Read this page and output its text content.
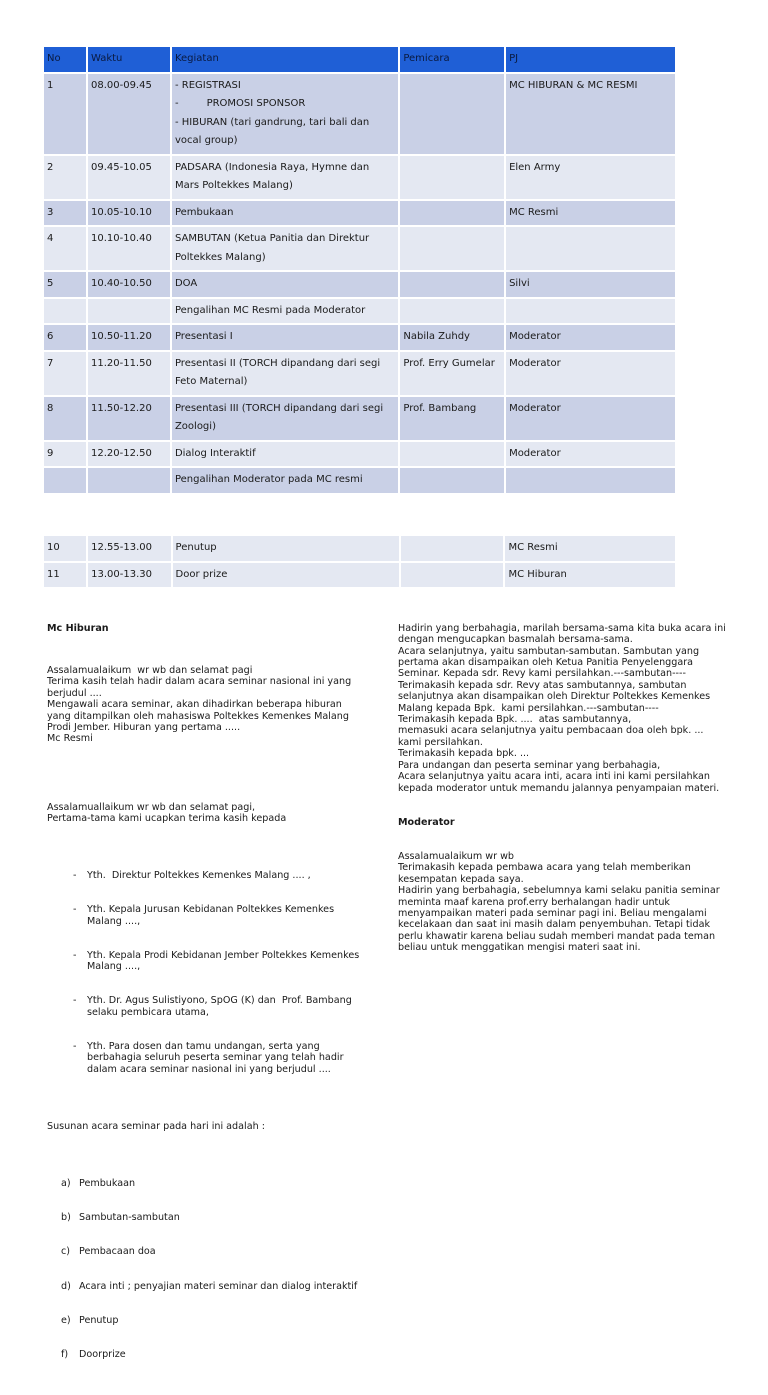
No	Waktu	Kegiatan	Pemicara	PJ
1	08.00-09.45	- REGISTRASI
- PROMOSI SPONSOR
- HIBURAN (tari gandrung, tari bali dan vocal group)		MC HIBURAN & MC RESMI
2	09.45-10.05	PADSARA (Indonesia Raya, Hymne dan Mars Poltekkes Malang)		Elen Army
3	10.05-10.10	Pembukaan		MC Resmi
4	10.10-10.40	SAMBUTAN (Ketua Panitia dan Direktur Poltekkes Malang)		
5	10.40-10.50	DOA		Silvi
		Pengalihan MC Resmi pada Moderator		
6	10.50-11.20	Presentasi I	Nabila Zuhdy	Moderator
7	11.20-11.50	Presentasi II (TORCH dipandang dari segi Feto Maternal)	Prof. Erry Gumelar	Moderator
8	11.50-12.20	Presentasi III (TORCH dipandang dari segi Zoologi)	Prof. Bambang	Moderator
9	12.20-12.50	Dialog Interaktif		Moderator
		Pengalihan Moderator pada MC resmi		
10	12.55-13.00	Penutup		MC Resmi
11	13.00-13.30	Door prize		MC Hiburan

Mc Hiburan

Assalamualaikum  wr wb dan selamat pagi
Terima kasih telah hadir dalam acara seminar nasional ini yang berjudul ....
Mengawali acara seminar, akan dihadirkan beberapa hiburan yang ditampilkan oleh mahasiswa Poltekkes Kemenkes Malang Prodi Jember. Hiburan yang pertama .....
Mc Resmi

Assalamuallaikum wr wb dan selamat pagi,
Pertama-tama kami ucapkan terima kasih kepada

- Yth.  Direktur Poltekkes Kemenkes Malang .... ,

- Yth. Kepala Jurusan Kebidanan Poltekkes Kemenkes Malang ....,

- Yth. Kepala Prodi Kebidanan Jember Poltekkes Kemenkes Malang ....,

- Yth. Dr. Agus Sulistiyono, SpOG (K) dan  Prof. Bambang selaku pembicara utama,

- Yth. Para dosen dan tamu undangan, serta yang berbahagia seluruh peserta seminar yang telah hadir dalam acara seminar nasional ini yang berjudul ....

Susunan acara seminar pada hari ini adalah :

a) Pembukaan

b) Sambutan-sambutan

c) Pembacaan doa

d) Acara inti ; penyajian materi seminar dan dialog interaktif

e) Penutup

f)	Doorprize

Hadirin yang berbahagia, marilah bersama-sama kita buka acara ini dengan mengucapkan basmalah bersama-sama.
Acara selanjutnya, yaitu sambutan-sambutan. Sambutan yang pertama akan disampaikan oleh Ketua Panitia Penyelenggara Seminar. Kepada sdr. Revy kami persilahkan.---sambutan----
Terimakasih kepada sdr. Revy atas sambutannya, sambutan selanjutnya akan disampaikan oleh Direktur Poltekkes Kemenkes Malang kepada Bpk.  kami persilahkan.---sambutan----
Terimakasih kepada Bpk. ....  atas sambutannya,
memasuki acara selanjutnya yaitu pembacaan doa oleh bpk. ... kami persilahkan.
Terimakasih kepada bpk. ...
Para undangan dan peserta seminar yang berbahagia,
Acara selanjutnya yaitu acara inti, acara inti ini kami persilahkan kepada moderator untuk memandu jalannya penyampaian materi.

Moderator

Assalamualaikum wr wb
Terimakasih kepada pembawa acara yang telah memberikan kesempatan kepada saya.
Hadirin yang berbahagia, sebelumnya kami selaku panitia seminar meminta maaf karena prof.erry berhalangan hadir untuk menyampaikan materi pada seminar pagi ini. Beliau mengalami kecelakaan dan saat ini masih dalam penyembuhan. Tetapi tidak perlu khawatir karena beliau sudah memberi mandat pada teman beliau untuk menggatikan mengisi materi saat ini.
